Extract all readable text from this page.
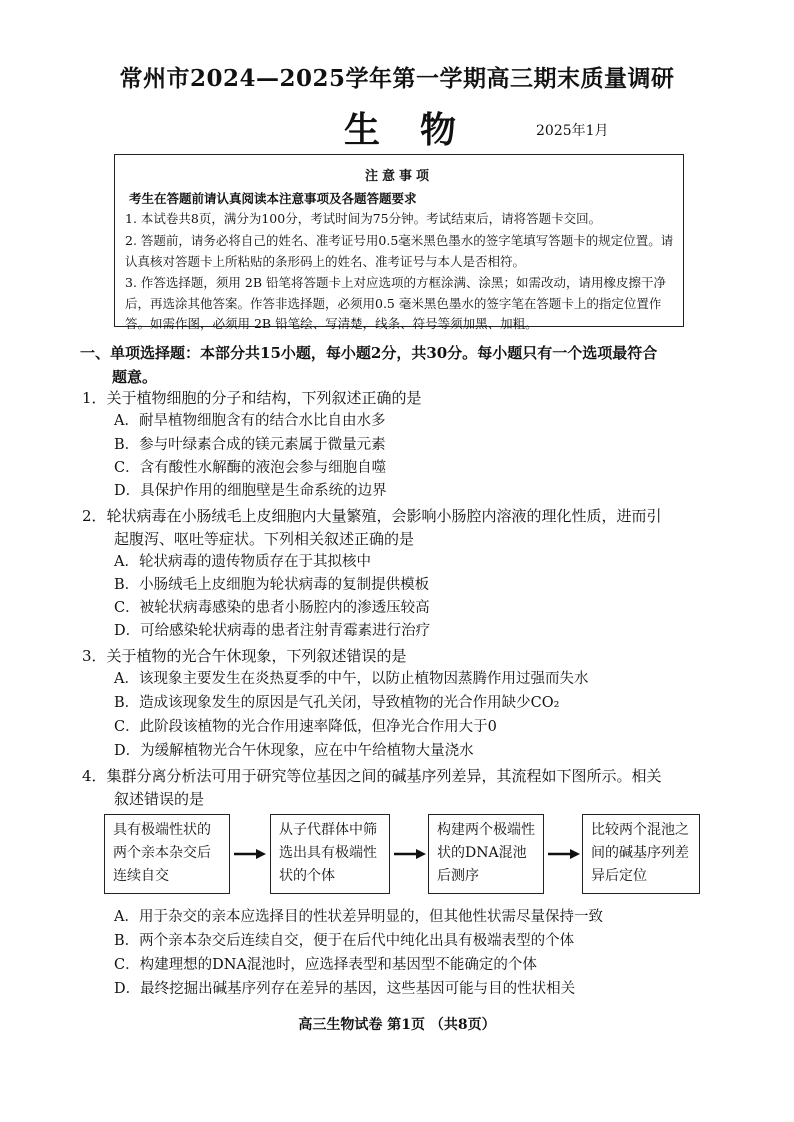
常州市2024—2025学年第一学期高三期末质量调研
生物	2025年1月
注意事项
考生在答题前请认真阅读本注意事项及各题答题要求
1. 本试卷共8页，满分为100分，考试时间为75分钟。考试结束后，请将答题卡交回。
2. 答题前，请务必将自己的姓名、准考证号用0.5毫米黑色墨水的签字笔填写答题卡的规定位置。请认真核对答题卡上所粘贴的条形码上的姓名、准考证号与本人是否相符。
3. 作答选择题，须用 2B 铅笔将答题卡上对应选项的方框涂满、涂黑；如需改动，请用橡皮擦干净后，再选涂其他答案。作答非选择题，必须用0.5 毫米黑色墨水的签字笔在答题卡上的指定位置作答。如需作图，必须用 2B 铅笔绘、写清楚，线条、符号等须加黑、加粗。
一、单项选择题：本部分共15小题，每小题2分，共30分。每小题只有一个选项最符合
题意。
1．关于植物细胞的分子和结构，下列叙述正确的是
A．耐旱植物细胞含有的结合水比自由水多
B．参与叶绿素合成的镁元素属于微量元素
C．含有酸性水解酶的液泡会参与细胞自噬
D．具保护作用的细胞壁是生命系统的边界
2．轮状病毒在小肠绒毛上皮细胞内大量繁殖，会影响小肠腔内溶液的理化性质，进而引
起腹泻、呕吐等症状。下列相关叙述正确的是
A．轮状病毒的遗传物质存在于其拟核中
B．小肠绒毛上皮细胞为轮状病毒的复制提供模板
C．被轮状病毒感染的患者小肠腔内的渗透压较高
D．可给感染轮状病毒的患者注射青霉素进行治疗
3．关于植物的光合午休现象，下列叙述错误的是
A．该现象主要发生在炎热夏季的中午，以防止植物因蒸腾作用过强而失水
B．造成该现象发生的原因是气孔关闭，导致植物的光合作用缺少CO₂
C．此阶段该植物的光合作用速率降低，但净光合作用大于0
D．为缓解植物光合午休现象，应在中午给植物大量浇水
4．集群分离分析法可用于研究等位基因之间的碱基序列差异，其流程如下图所示。相关
叙述错误的是
具有极端性状的两个亲本杂交后连续自交
从子代群体中筛选出具有极端性状的个体
构建两个极端性状的DNA混池后测序
比较两个混池之间的碱基序列差异后定位
A．用于杂交的亲本应选择目的性状差异明显的，但其他性状需尽量保持一致
B．两个亲本杂交后连续自交，便于在后代中纯化出具有极端表型的个体
C．构建理想的DNA混池时，应选择表型和基因型不能确定的个体
D．最终挖掘出碱基序列存在差异的基因，这些基因可能与目的性状相关
高三生物试卷 第1页 （共8页）
